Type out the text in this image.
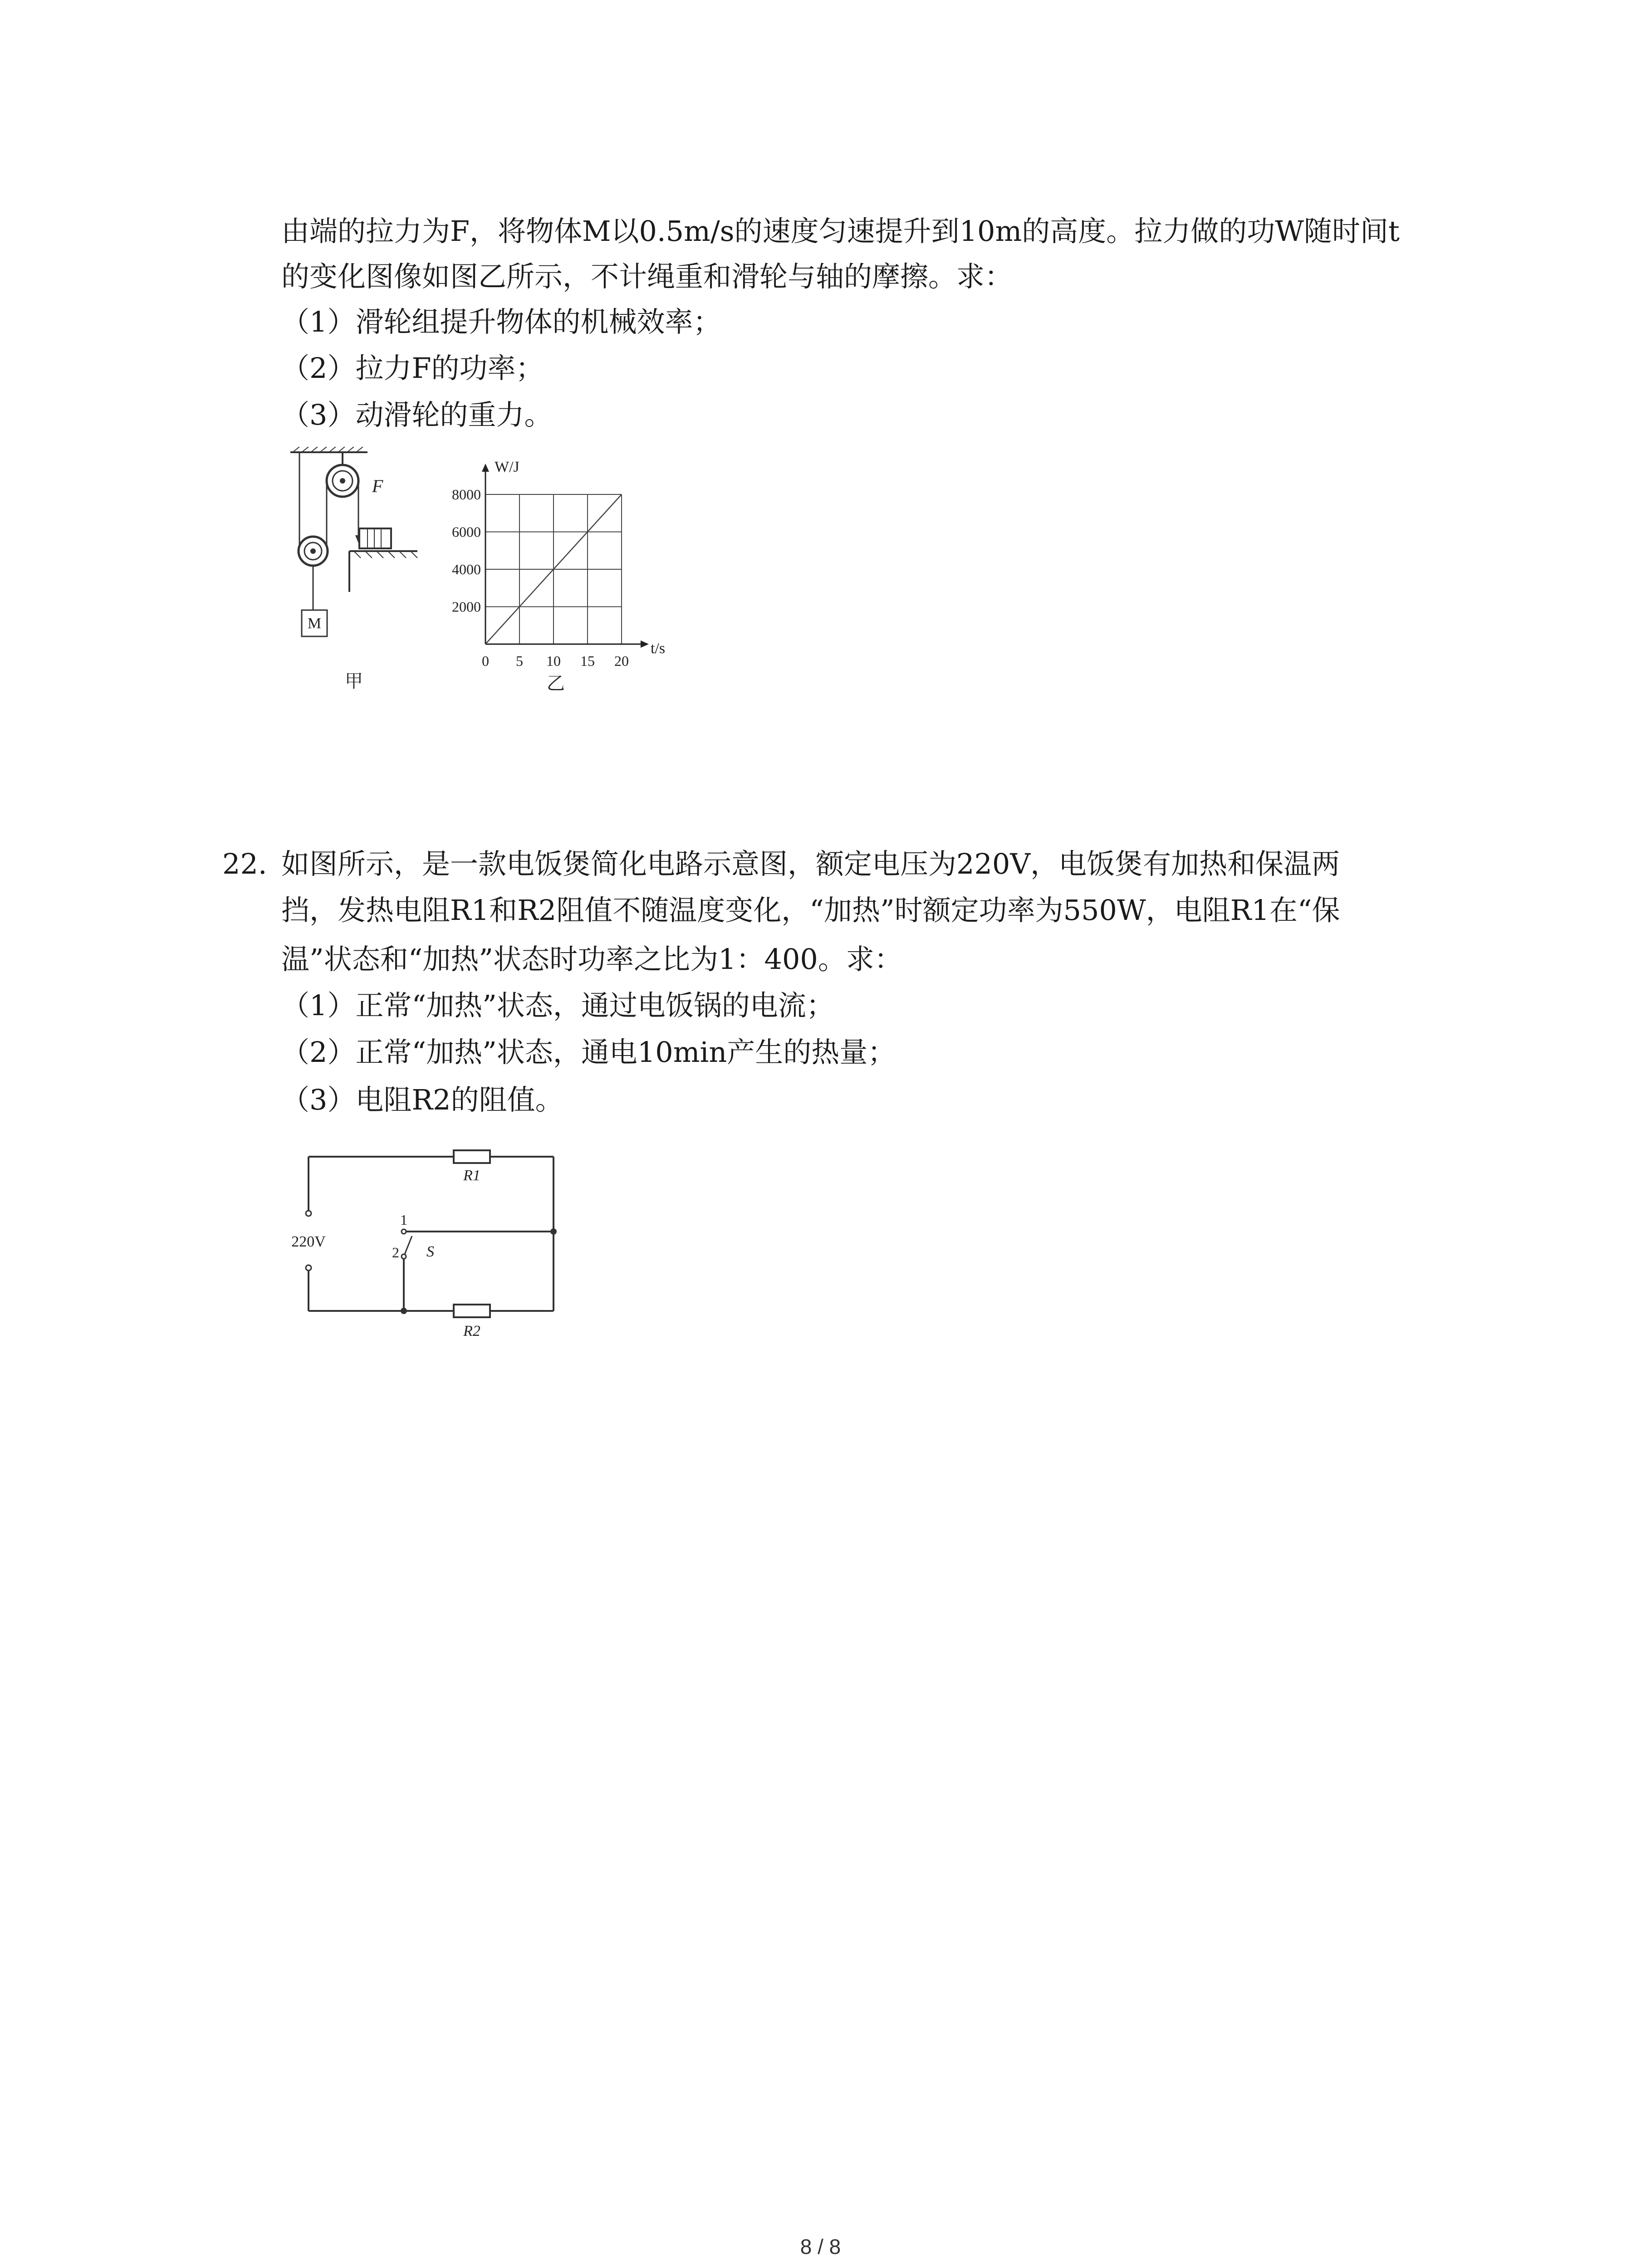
由端的拉力为F，将物体M以0.5m/s的速度匀速提升到10m的高度。拉力做的功W随时间t
的变化图像如图乙所示，不计绳重和滑轮与轴的摩擦。求：
（1）滑轮组提升物体的机械效率；
（2）拉力F的功率；
（3）动滑轮的重力。
F
M
甲
0 5 10 15 20
2000
4000
6000
8000
W/J
t/s
乙
22. 如图所示，是一款电饭煲简化电路示意图，额定电压为220V，电饭煲有加热和保温两
挡，发热电阻R1和R2阻值不随温度变化，“加热”时额定功率为550W，电阻R1在“保
温”状态和“加热”状态时功率之比为1：400。求：
（1）正常“加热”状态，通过电饭锅的电流；
（2）正常“加热”状态，通电10min产生的热量；
（3）电阻R2的阻值。
220V
1
2 S
R1
R2
8 / 8
